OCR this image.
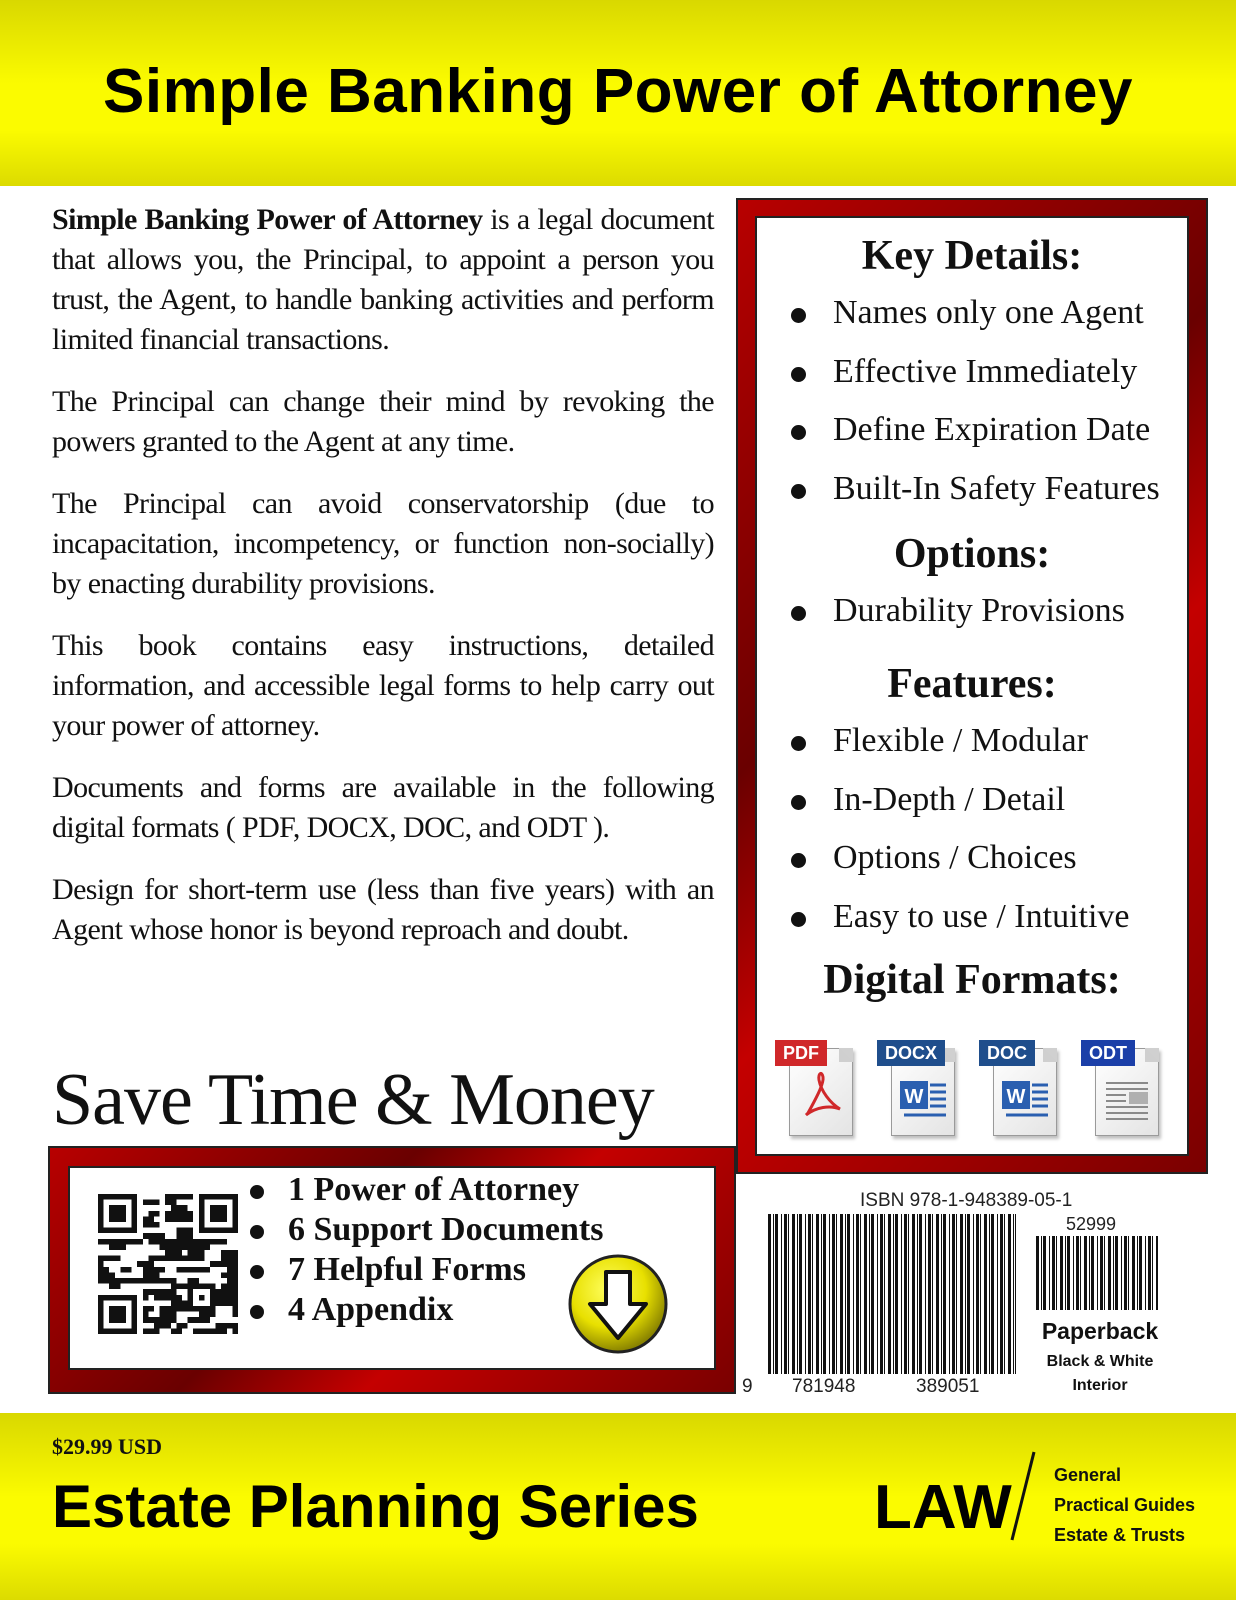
Simple Banking Power of Attorney

Simple Banking Power of Attorney is a legal document that allows you, the Principal, to appoint a person you trust, the Agent, to handle banking activities and perform limited financial transactions.

The Principal can change their mind by revoking the powers granted to the Agent at any time.

The Principal can avoid conservatorship (due to incapacitation, incompetency, or function non-socially) by enacting durability provisions.

This book contains easy instructions, detailed information, and accessible legal forms to help carry out your power of attorney.

Documents and forms are available in the following digital formats ( PDF, DOCX, DOC, and ODT ).

Design for short-term use (less than five years) with an Agent whose honor is beyond reproach and doubt.

Save Time & Money
Key Details:
Names only one Agent
Effective Immediately
Define Expiration Date
Built-In Safety Features
Options:
Durability Provisions
Features:
Flexible / Modular
In-Depth / Detail
Options / Choices
Easy to use / Intuitive
Digital Formats:
PDF
W
DOCX
W
DOC	ODT
1 Power of Attorney
6 Support Documents
7 Helpful Forms
4 Appendix
ISBN 978-1-948389-05-1
52999
9 781948	389051
Paperback
Black & White
Interior
$29.99 USD
Estate Planning Series	LAW General
Practical Guides
Estate & Trusts
